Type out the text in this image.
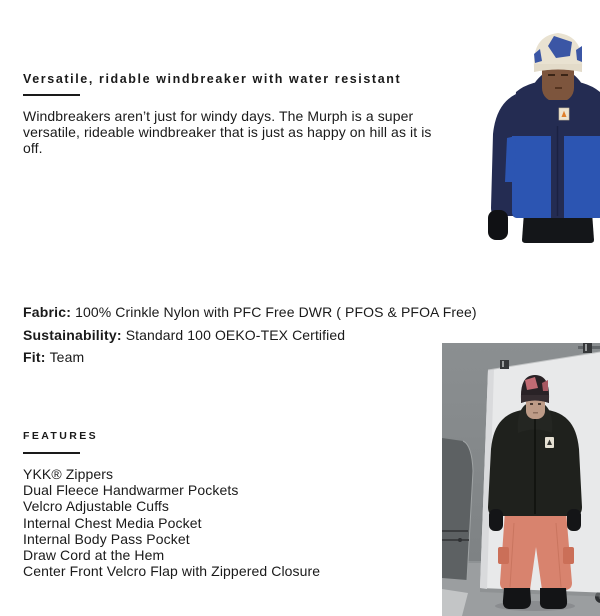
Versatile, ridable windbreaker with water resistant

Windbreakers aren’t just for windy days. The Murph is a super versatile, rideable windbreaker that is just as happy on hill as it is off.

Fabric: 100% Crinkle Nylon with PFC Free DWR ( PFOS & PFOA Free)
Sustainability: Standard 100 OEKO-TEX Certified
Fit: Team
FEATURES
YKK® Zippers
Dual Fleece Handwarmer Pockets
Velcro Adjustable Cuffs
Internal Chest Media Pocket
Internal Body Pass Pocket
Draw Cord at the Hem
Center Front Velcro Flap with Zippered Closure
